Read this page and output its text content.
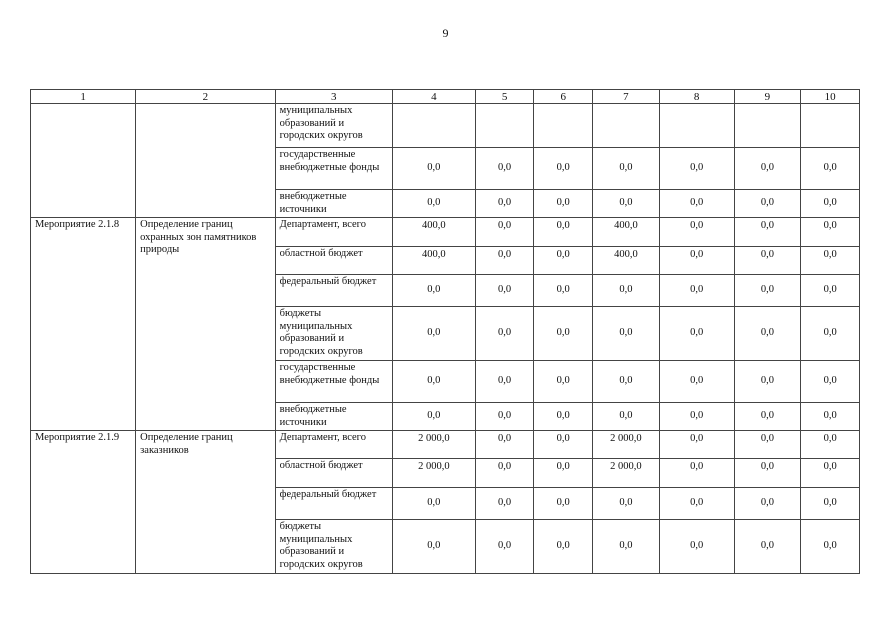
9
1	2	3	4	5	6	7	8	9	10
		муниципальных образований и городских округов							
		государственные внебюджетные фонды	0,0	0,0	0,0	0,0	0,0	0,0	0,0
		внебюджетные источники	0,0	0,0	0,0	0,0	0,0	0,0	0,0
Мероприятие 2.1.8	Определение границ охранных зон памятников природы	Департамент, всего	400,0	0,0	0,0	400,0	0,0	0,0	0,0
		областной бюджет	400,0	0,0	0,0	400,0	0,0	0,0	0,0
		федеральный бюджет	0,0	0,0	0,0	0,0	0,0	0,0	0,0
		бюджеты муниципальных образований и городских округов	0,0	0,0	0,0	0,0	0,0	0,0	0,0
		государственные внебюджетные фонды	0,0	0,0	0,0	0,0	0,0	0,0	0,0
		внебюджетные источники	0,0	0,0	0,0	0,0	0,0	0,0	0,0
Мероприятие 2.1.9	Определение границ заказников	Департамент, всего	2 000,0	0,0	0,0	2 000,0	0,0	0,0	0,0
		областной бюджет	2 000,0	0,0	0,0	2 000,0	0,0	0,0	0,0
		федеральный бюджет	0,0	0,0	0,0	0,0	0,0	0,0	0,0
		бюджеты муниципальных образований и городских округов	0,0	0,0	0,0	0,0	0,0	0,0	0,0
